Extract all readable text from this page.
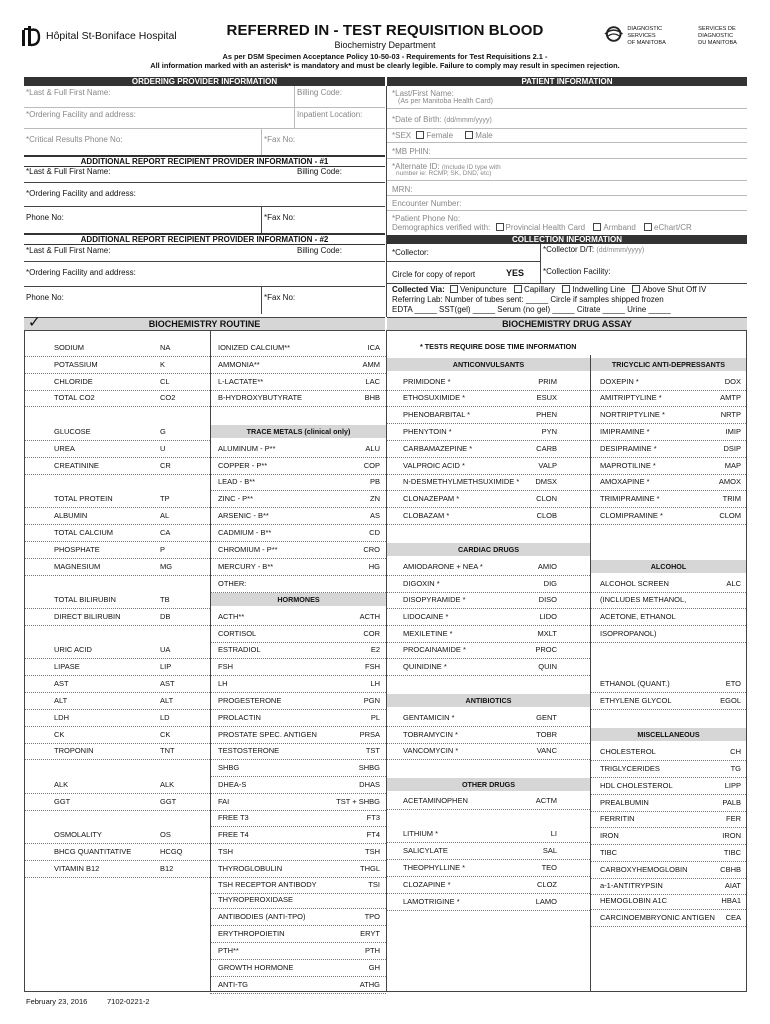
Hôpital St-Boniface Hospital	REFERRED IN - TEST REQUISITION BLOOD
Biochemistry Department
As per DSM Specimen Acceptance Policy 10-50-03 - Requirements for Test Requisitions 2.1 -
All information marked with an asterisk* is mandatory and must be clearly legible. Failure to comply may result in specimen rejection.
DIAGNOSTIC SERVICES
OF MANITOBA
SERVICES DE DIAGNOSTIC
DU MANITOBA
ORDERING PROVIDER INFORMATION	PATIENT INFORMATION
*Last & Full First Name:	Billing Code:
*Ordering Facility and address:	Inpatient Location:
*Critical Results Phone No:	*Fax No:
ADDITIONAL REPORT RECIPIENT PROVIDER INFORMATION - #1
*Last & Full First Name:	Billing Code:
*Ordering Facility and address:
Phone No:	*Fax No:
ADDITIONAL REPORT RECIPIENT PROVIDER INFORMATION - #2
*Last & Full First Name:	Billing Code:
*Ordering Facility and address:
Phone No:	*Fax No:
*Last/First Name:
(As per Manitoba Health Card)
*Date of Birth: (dd/mmm/yyyy)
*SEX Female	Male
*MB PHIN:
*Alternate ID: (Include ID type with
number ie: RCMP, SK, DND, etc)
MRN:
Encounter Number:
*Patient Phone No:
Demographics verified with: Provincial Health Card Armband eChart/CR
COLLECTION INFORMATION
*Collector:	*Collector D/T: (dd/mmm/yyyy)
Circle for copy of report	YES *Collection Facility:
Collected Via: Venipuncture Capillary Indwelling Line Above Shut Off IV
Referring Lab: Number of tubes sent: _____ Circle if samples shipped frozen
EDTA _____ SST(gel) _____ Serum (no gel) _____ Citrate _____ Urine _____
BIOCHEMISTRY ROUTINE
✓	BIOCHEMISTRY DRUG ASSAY
* TESTS REQUIRE DOSE TIME INFORMATION
SODIUM	NA
POTASSIUM	K
CHLORIDE	CL
TOTAL CO2	CO2
GLUCOSE	G
UREA	U
CREATININE	CR
TOTAL PROTEIN	TP
ALBUMIN	AL
TOTAL CALCIUM	CA
PHOSPHATE	P
MAGNESIUM	MG
TOTAL BILIRUBIN	TB
DIRECT BILIRUBIN	DB
URIC ACID	UA
LIPASE	LIP
AST	AST
ALT	ALT
LDH	LD
CK	CK
TROPONIN	TNT
ALK	ALK
GGT	GGT
OSMOLALITY	OS
BHCG QUANTITATIVE	HCGQ
VITAMIN B12	B12
IONIZED CALCIUM**	ICA
AMMONIA**	AMM
L-LACTATE**	LAC
B-HYDROXYBUTYRATE	BHB
ALUMINUM - P**	ALU
COPPER - P**	COP
LEAD - B**	PB
ZINC - P**	ZN
ARSENIC - B**	AS
CADMIUM - B**	CD
CHROMIUM - P**	CRO
MERCURY - B**	HG
OTHER:
ACTH**	ACTH
CORTISOL	COR
ESTRADIOL	E2
FSH	FSH
LH	LH
PROGESTERONE	PGN
PROLACTIN	PL
PROSTATE SPEC. ANTIGEN	PRSA
TESTOSTERONE	TST
SHBG	SHBG
DHEA-S	DHAS
FAI	TST + SHBG
FREE T3	FT3
FREE T4	FT4
TSH	TSH
THYROGLOBULIN	THGL
TSH RECEPTOR ANTIBODY	TSI
THYROPEROXIDASE
ANTIBODIES (ANTI-TPO)	TPO
ERYTHROPOIETIN	ERYT
PTH**	PTH
GROWTH HORMONE	GH
ANTI-TG	ATHG
PRIMIDONE *	PRIM
ETHOSUXIMIDE *	ESUX
PHENOBARBITAL *	PHEN
PHENYTOIN *	PYN
CARBAMAZEPINE *	CARB
VALPROIC ACID *	VALP
N-DESMETHYLMETHSUXIMIDE * DMSX
CLONAZEPAM *	CLON
CLOBAZAM *	CLOB
AMIODARONE + NEA *	AMIO
DIGOXIN *	DIG
DISOPYRAMIDE *	DISO
LIDOCAINE *	LIDO
MEXILETINE *	MXLT
PROCAINAMIDE *	PROC
QUINIDINE *	QUIN
GENTAMICIN *	GENT
TOBRAMYCIN *	TOBR
VANCOMYCIN *	VANC
ACETAMINOPHEN	ACTM
LITHIUM *	LI
SALICYLATE	SAL
THEOPHYLLINE *	TEO
CLOZAPINE *	CLOZ
LAMOTRIGINE *	LAMO
DOXEPIN *	DOX
AMITRIPTYLINE *	AMTP
NORTRIPTYLINE *	NRTP
IMIPRAMINE *	IMIP
DESIPRAMINE *	DSIP
MAPROTILINE *	MAP
AMOXAPINE *	AMOX
TRIMIPRAMINE *	TRIM
CLOMIPRAMINE *	CLOM
ALCOHOL SCREEN	ALC
(INCLUDES METHANOL,
ACETONE, ETHANOL
ISOPROPANOL)
ETHANOL (QUANT.)	ETO
ETHYLENE GLYCOL	EGOL
CHOLESTEROL	CH
TRIGLYCERIDES	TG
HDL CHOLESTEROL	LIPP
PREALBUMIN	PALB
FERRITIN	FER
IRON	IRON
TIBC	TIBC
CARBOXYHEMOGLOBIN	CBHB
a-1-ANTITRYPSIN	AIAT
HEMOGLOBIN A1C	HBA1
CARCINOEMBRYONIC ANTIGEN CEA
TRACE METALS (clinical only)
HORMONES
ANTICONVULSANTS
CARDIAC DRUGS
ANTIBIOTICS
OTHER DRUGS
TRICYCLIC ANTI-DEPRESSANTS
ALCOHOL
MISCELLANEOUS
February 23, 2016	7102-0221-2
